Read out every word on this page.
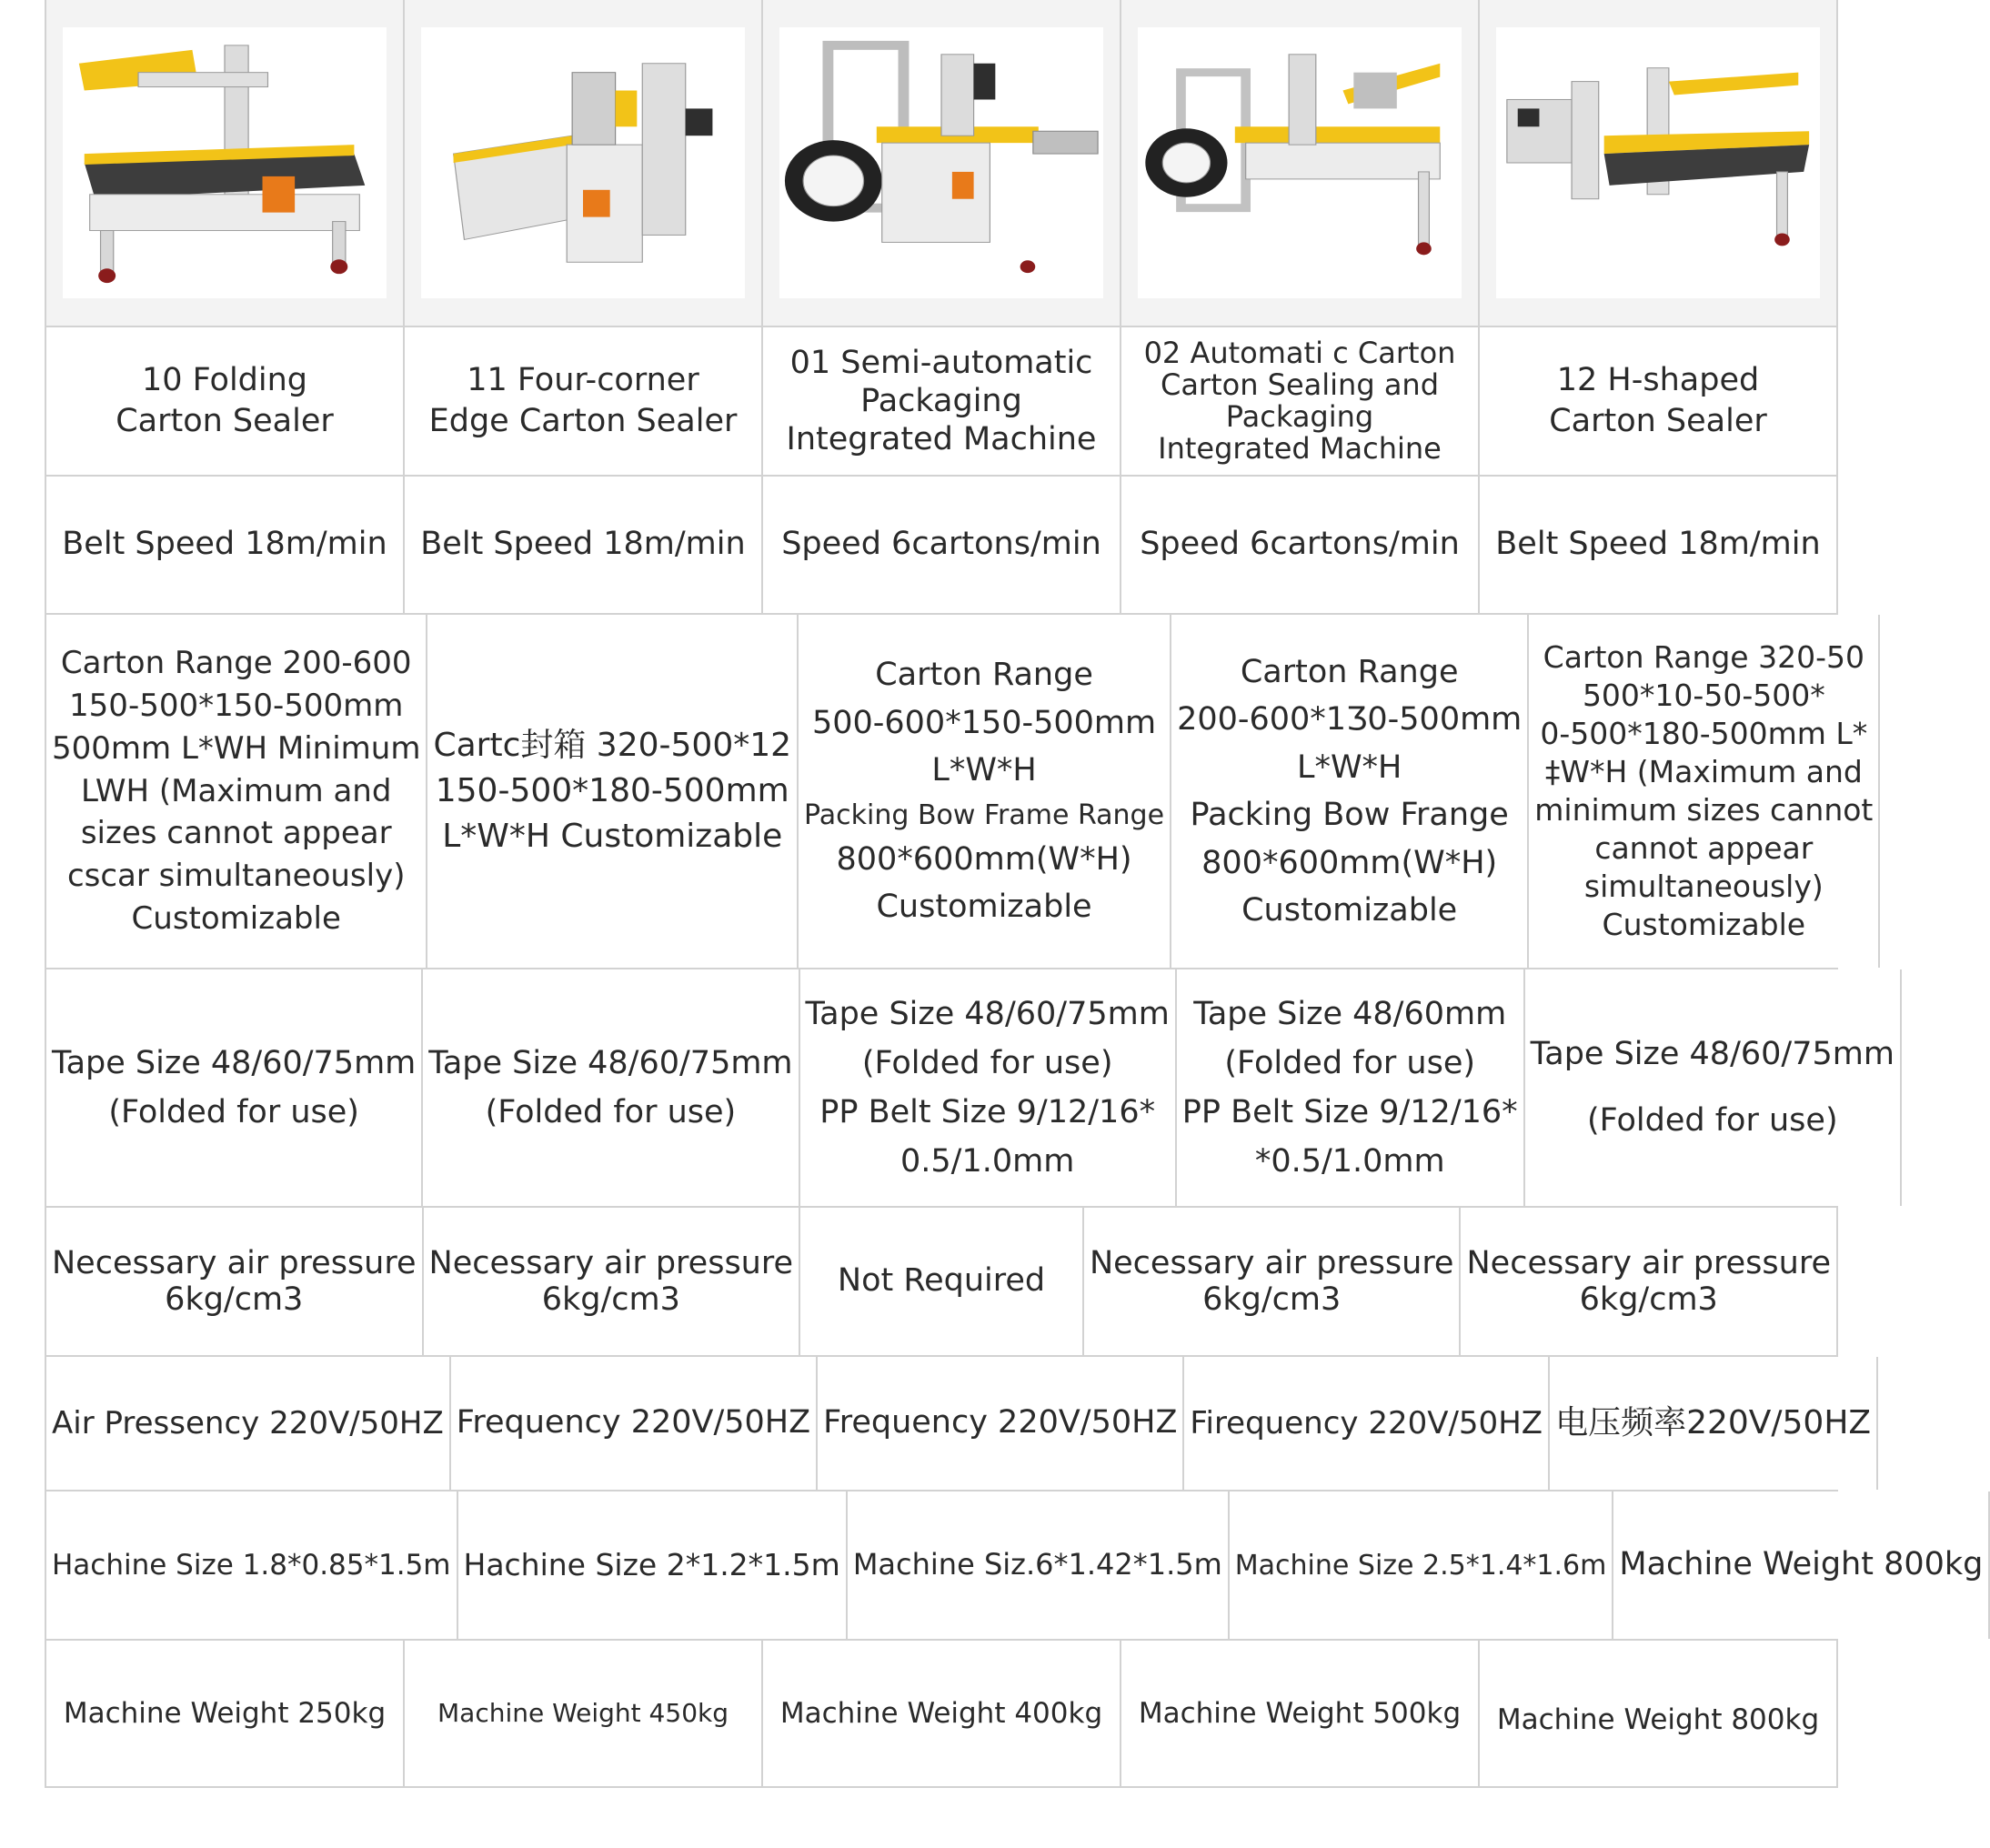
10 Folding
Carton Sealer
11 Four-corner
Edge Carton Sealer
01 Semi-automatic
Packaging
Integrated Machine
02 Automati c Carton
Carton Sealing and
Packaging
Integrated Machine
12 H-shaped
Carton Sealer
Belt Speed 18m/min Belt Speed 18m/min Speed 6cartons/min Speed 6cartons/min Belt Speed 18m/min
Carton Range 200-600
150-500*150-500mm
500mm L*WH Minimum
LWH (Maximum and
sizes cannot appear
cscar simultaneously)
Customizable
Cartc封箱 320-500*12
150-500*180-500mm
L*W*H Customizable
Carton Range
500-600*150-500mm
L*W*H
Packing Bow Frame Range
800*600mm(W*H)
Customizable
Carton Range
200-600*1Ʒ0-500mm
L*W*H
Packing Bow Frange
800*600mm(W*H)
Customizable
Carton Range 320-50
500*10-50-500*
0-500*180-500mm L*
‡W*H (Maximum and
minimum sizes cannot
cannot appear
simultaneously)
Customizable
Tape Size 48/60/75mm
(Folded for use)
Tape Size 48/60/75mm
(Folded for use)
Tape Size 48/60/75mm
(Folded for use)
PP Belt Size 9/12/16*
0.5/1.0mm
Tape Size 48/60mm
(Folded for use)
PP Belt Size 9/12/16*
*0.5/1.0mm
Tape Size 48/60/75mm
(Folded for use)
Necessary air pressure
6kg/cm3
Necessary air pressure
6kg/cm3
Not Required Necessary air pressure
6kg/cm3
Necessary air pressure
6kg/cm3
Air Pressency 220V/50HZ Frequency 220V/50HZ Frequency 220V/50HZ Firequency 220V/50HZ 电压频率220V/50HZ
Hachine Size 1.8*0.85*1.5m Hachine Size 2*1.2*1.5m Machine Siz.6*1.42*1.5m Machine Size 2.5*1.4*1.6m Machine Weight 800kg
Machine Weight 250kg Machine Weight 450kg Machine Weight 400kg Machine Weight 500kg Machine Weight 800kg
